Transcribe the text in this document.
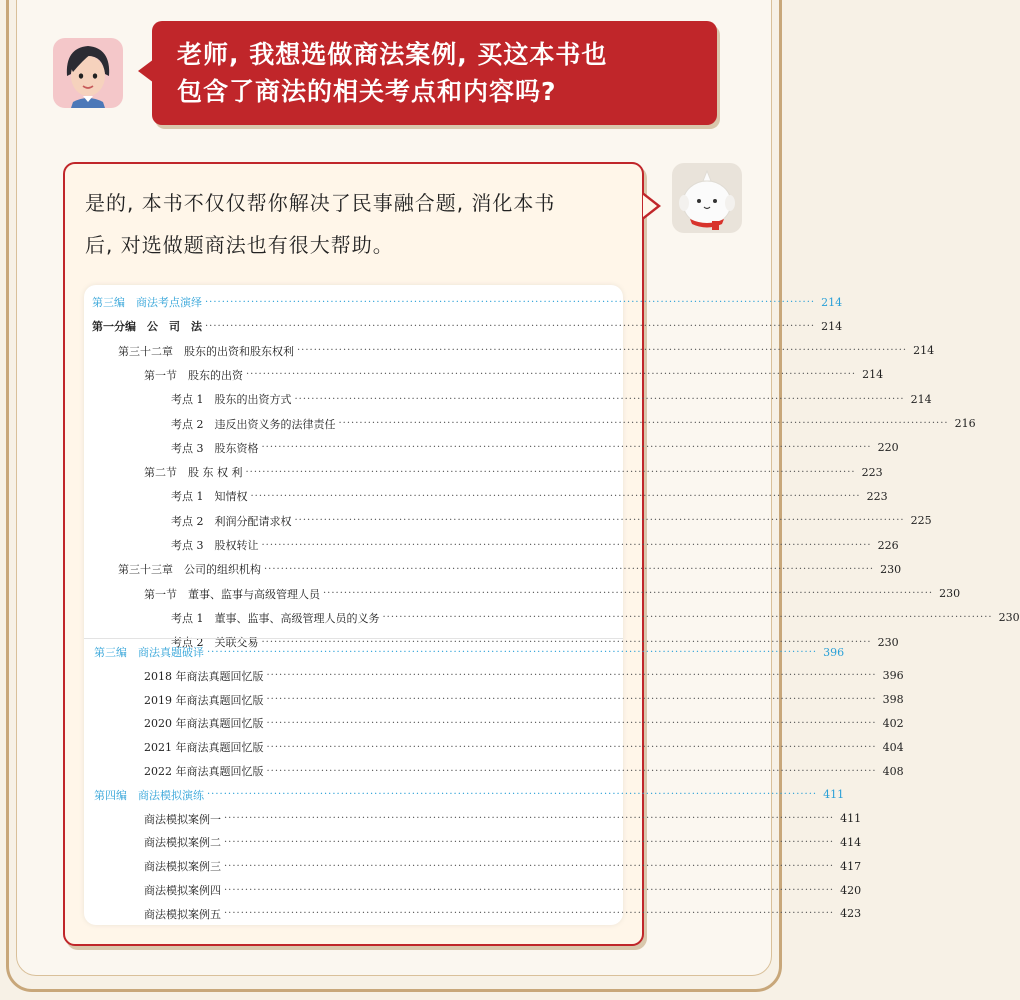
老师, 我想选做商法案例, 买这本书也
包含了商法的相关考点和内容吗?
是的, 本书不仅仅帮你解决了民事融合题, 消化本书
后, 对选做题商法也有很大帮助。
第三编　商法考点演绎 ·····	214
第一分编　公　司　法 ·····	214
第三十二章　股东的出资和股东权利 ·····	214
第一节　股东的出资 ·····	214
考点 1　股东的出资方式 ·····	214
考点 2　违反出资义务的法律责任 ·····	216
考点 3　股东资格 ·····	220
第二节　股 东 权 利 ·····	223
考点 1　知情权 ·····	223
考点 2　利润分配请求权 ·····	225
考点 3　股权转让 ·····	226
第三十三章　公司的组织机构 ·····	230
第一节　董事、监事与高级管理人员 ·····	230
考点 1　董事、监事、高级管理人员的义务 ·····	230
考点 2　关联交易 ·····	230
第三编　商法真题破译 ·····	396
2018 年商法真题回忆版 ·····	396
2019 年商法真题回忆版 ·····	398
2020 年商法真题回忆版 ·····	402
2021 年商法真题回忆版 ·····	404
2022 年商法真题回忆版 ·····	408
第四编　商法模拟演练 ·····	411
商法模拟案例一 ·····	411
商法模拟案例二 ·····	414
商法模拟案例三 ·····	417
商法模拟案例四 ·····	420
商法模拟案例五 ·····	423
